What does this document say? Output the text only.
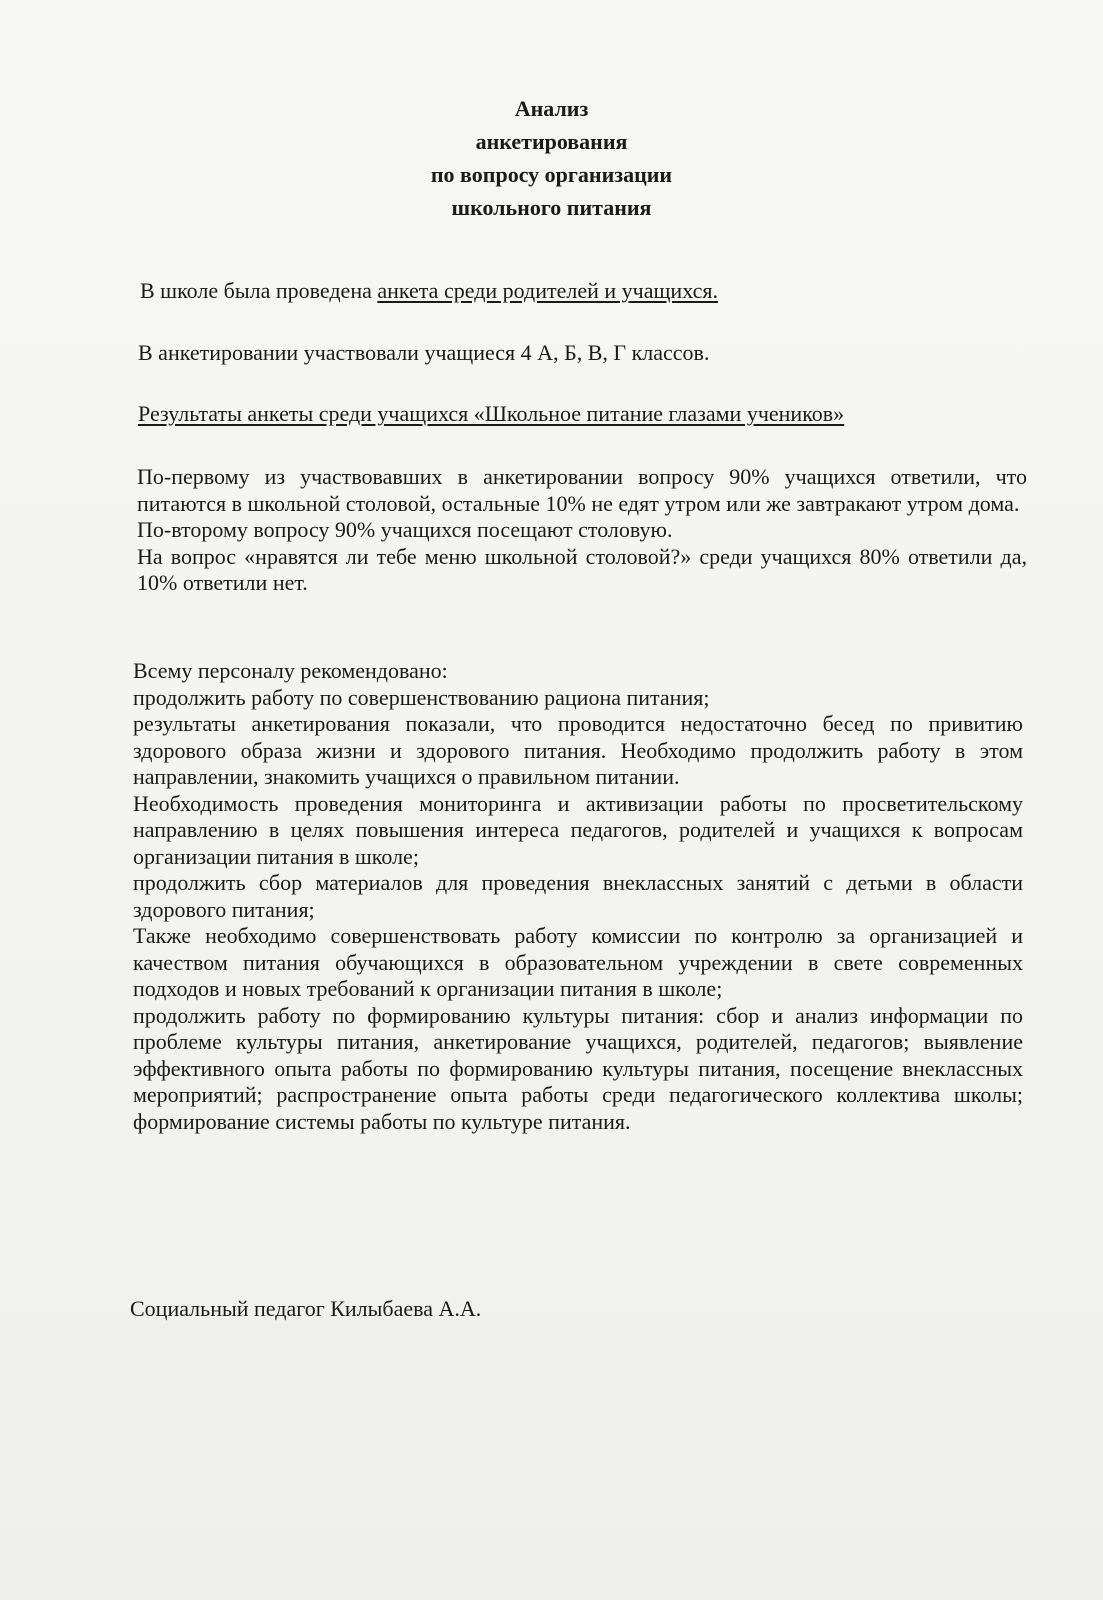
Анализ
анкетирования
по вопросу организации
школьного питания
В школе была проведена анкета среди родителей и учащихся.
В анкетировании участвовали учащиеся 4 А, Б, В, Г классов.
Результаты анкеты среди учащихся «Школьное питание глазами учеников»

По-первому из участвовавших в анкетировании вопросу 90% учащихся ответили, что питаются в школьной столовой, остальные 10% не едят утром или же завтракают утром дома.

По-второму вопросу 90% учащихся посещают столовую.

На вопрос «нравятся ли тебе меню школьной столовой?» среди учащихся 80% ответили да, 10% ответили нет.

Всему персоналу рекомендовано:

продолжить работу по совершенствованию рациона питания;

результаты анкетирования показали, что проводится недостаточно бесед по привитию здорового образа жизни и здорового питания. Необходимо продолжить работу в этом направлении, знакомить учащихся о правильном питании.

Необходимость проведения мониторинга и активизации работы по просветительскому направлению в целях повышения интереса педагогов, родителей и учащихся к вопросам организации питания в школе;

продолжить сбор материалов для проведения внеклассных занятий с детьми в области здорового питания;

Также необходимо совершенствовать работу комиссии по контролю за организацией и качеством питания обучающихся в образовательном учреждении в свете современных подходов и новых требований к организации питания в школе;

продолжить работу по формированию культуры питания: сбор и анализ информации по проблеме культуры питания, анкетирование учащихся, родителей, педагогов; выявление эффективного опыта работы по формированию культуры питания, посещение внеклассных мероприятий; распространение опыта работы среди педагогического коллектива школы; формирование системы работы по культуре питания.

Социальный педагог Килыбаева А.А.
